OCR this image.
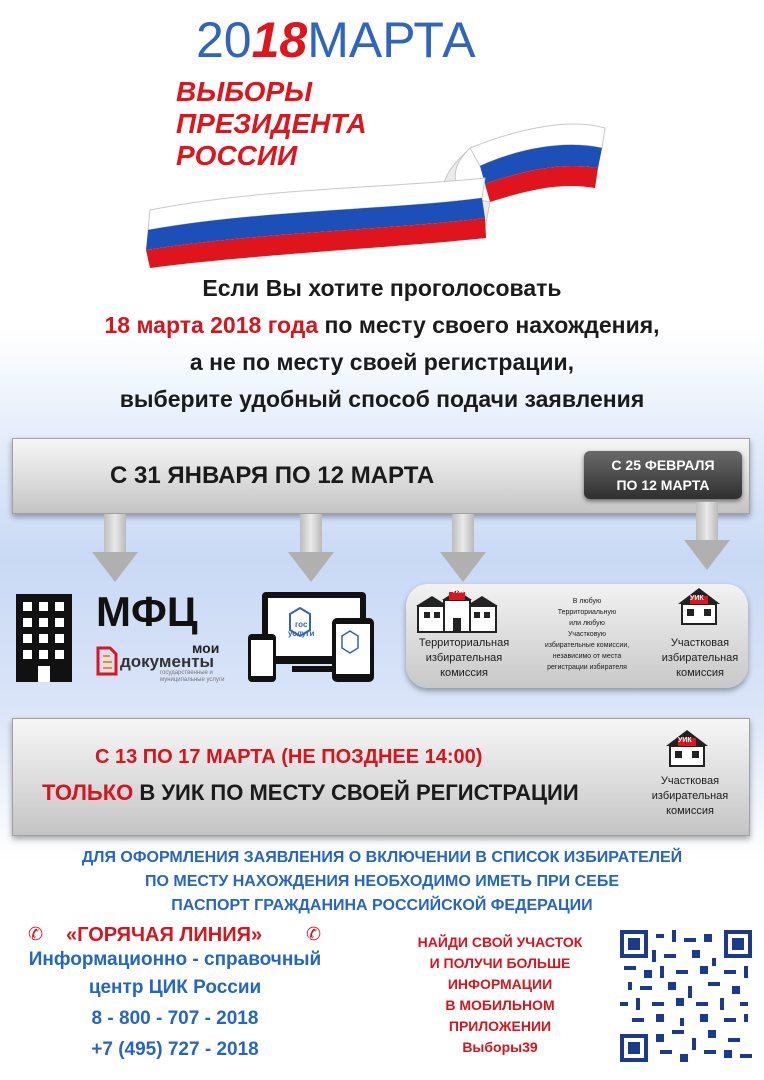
2018МАРТА
ВЫБОРЫ
ПРЕЗИДЕНТА
РОССИИ
Если Вы хотите проголосовать
18 марта 2018 года по месту своего нахождения,
а не по месту своей регистрации,
выберите удобный способ подачи заявления
С 31 ЯНВАРЯ ПО 12 МАРТА	С 25 ФЕВРАЛЯ
ПО 12 МАРТА
МФЦ
мои
документы
государственные и муниципальные услуги
гос
услуги
ТИК
Территориальная
избирательная
комиссия
В любую
Территориальную
или любую
Участковую
избирательные комиссии,
независимо от места
регистрации избирателя
УИК
Участковая
избирательная
комиссия
С 13 ПО 17 МАРТА (НЕ ПОЗДНЕЕ 14:00)
ТОЛЬКО В УИК ПО МЕСТУ СВОЕЙ РЕГИСТРАЦИИ
УИК
Участковая
избирательная
комиссия
ДЛЯ ОФОРМЛЕНИЯ ЗАЯВЛЕНИЯ О ВКЛЮЧЕНИИ В СПИСОК ИЗБИРАТЕЛЕЙ
ПО МЕСТУ НАХОЖДЕНИЯ НЕОБХОДИМО ИМЕТЬ ПРИ СЕБЕ
ПАСПОРТ ГРАЖДАНИНА РОССИЙСКОЙ ФЕДЕРАЦИИ
✆	✆
«ГОРЯЧАЯ ЛИНИЯ»
Информационно - справочный
центр ЦИК России
8 - 800 - 707 - 2018
+7 (495) 727 - 2018
НАЙДИ СВОЙ УЧАСТОК
И ПОЛУЧИ БОЛЬШЕ
ИНФОРМАЦИИ
В МОБИЛЬНОМ
ПРИЛОЖЕНИИ
Выборы39
